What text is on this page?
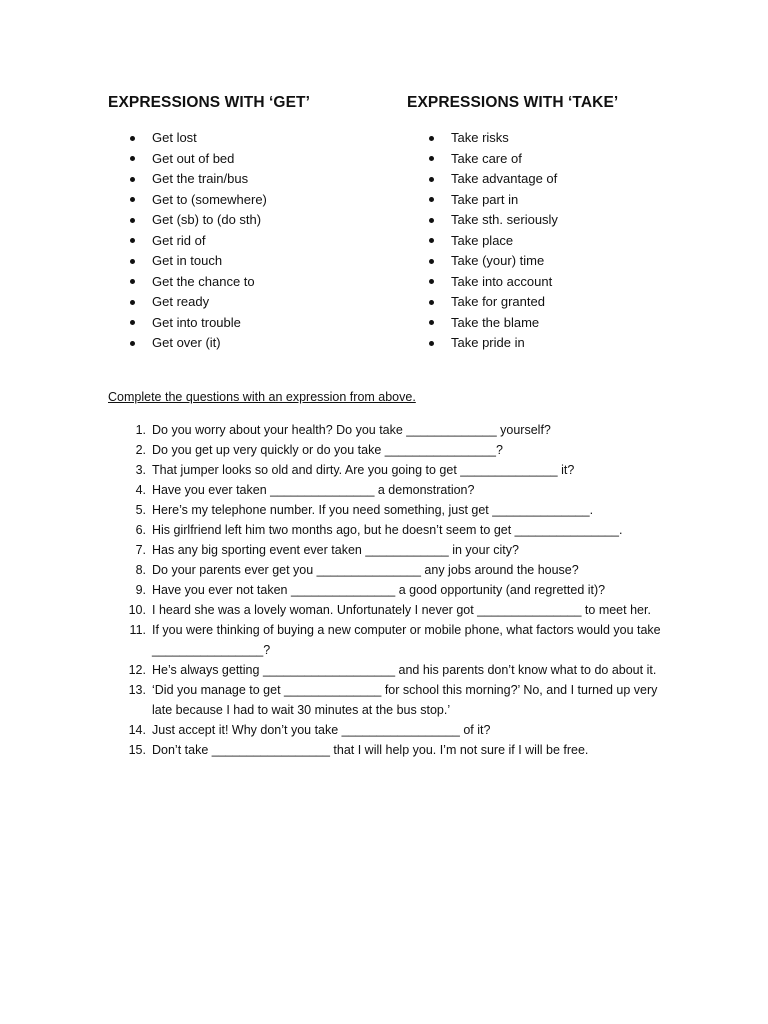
EXPRESSIONS WITH ‘GET’
Get lost
Get out of bed
Get the train/bus
Get to (somewhere)
Get (sb) to (do sth)
Get rid of
Get in touch
Get the chance to
Get ready
Get into trouble
Get over (it)
EXPRESSIONS WITH ‘TAKE’
Take risks
Take care of
Take advantage of
Take part in
Take sth. seriously
Take place
Take (your) time
Take into account
Take for granted
Take the blame
Take pride in
Complete the questions with an expression from above.
1. Do you worry about your health? Do you take _____________ yourself?
2. Do you get up very quickly or do you take ________________?
3. That jumper looks so old and dirty. Are you going to get ______________ it?
4. Have you ever taken _______________ a demonstration?
5. Here’s my telephone number. If you need something, just get ______________.
6. His girlfriend left him two months ago, but he doesn’t seem to get _______________.
7. Has any big sporting event ever taken ____________ in your city?
8. Do your parents ever get you _______________ any jobs around the house?
9. Have you ever not taken _______________ a good opportunity (and regretted it)?
10. I heard she was a lovely woman. Unfortunately I never got _______________ to meet her.
11. If you were thinking of buying a new computer or mobile phone, what factors would you take ________________?
12. He’s always getting ___________________ and his parents don’t know what to do about it.
13. ‘Did you manage to get ______________ for school this morning?’ No, and I turned up very late because I had to wait 30 minutes at the bus stop.’
14. Just accept it! Why don’t you take _________________ of it?
15. Don’t take _________________ that I will help you. I’m not sure if I will be free.
